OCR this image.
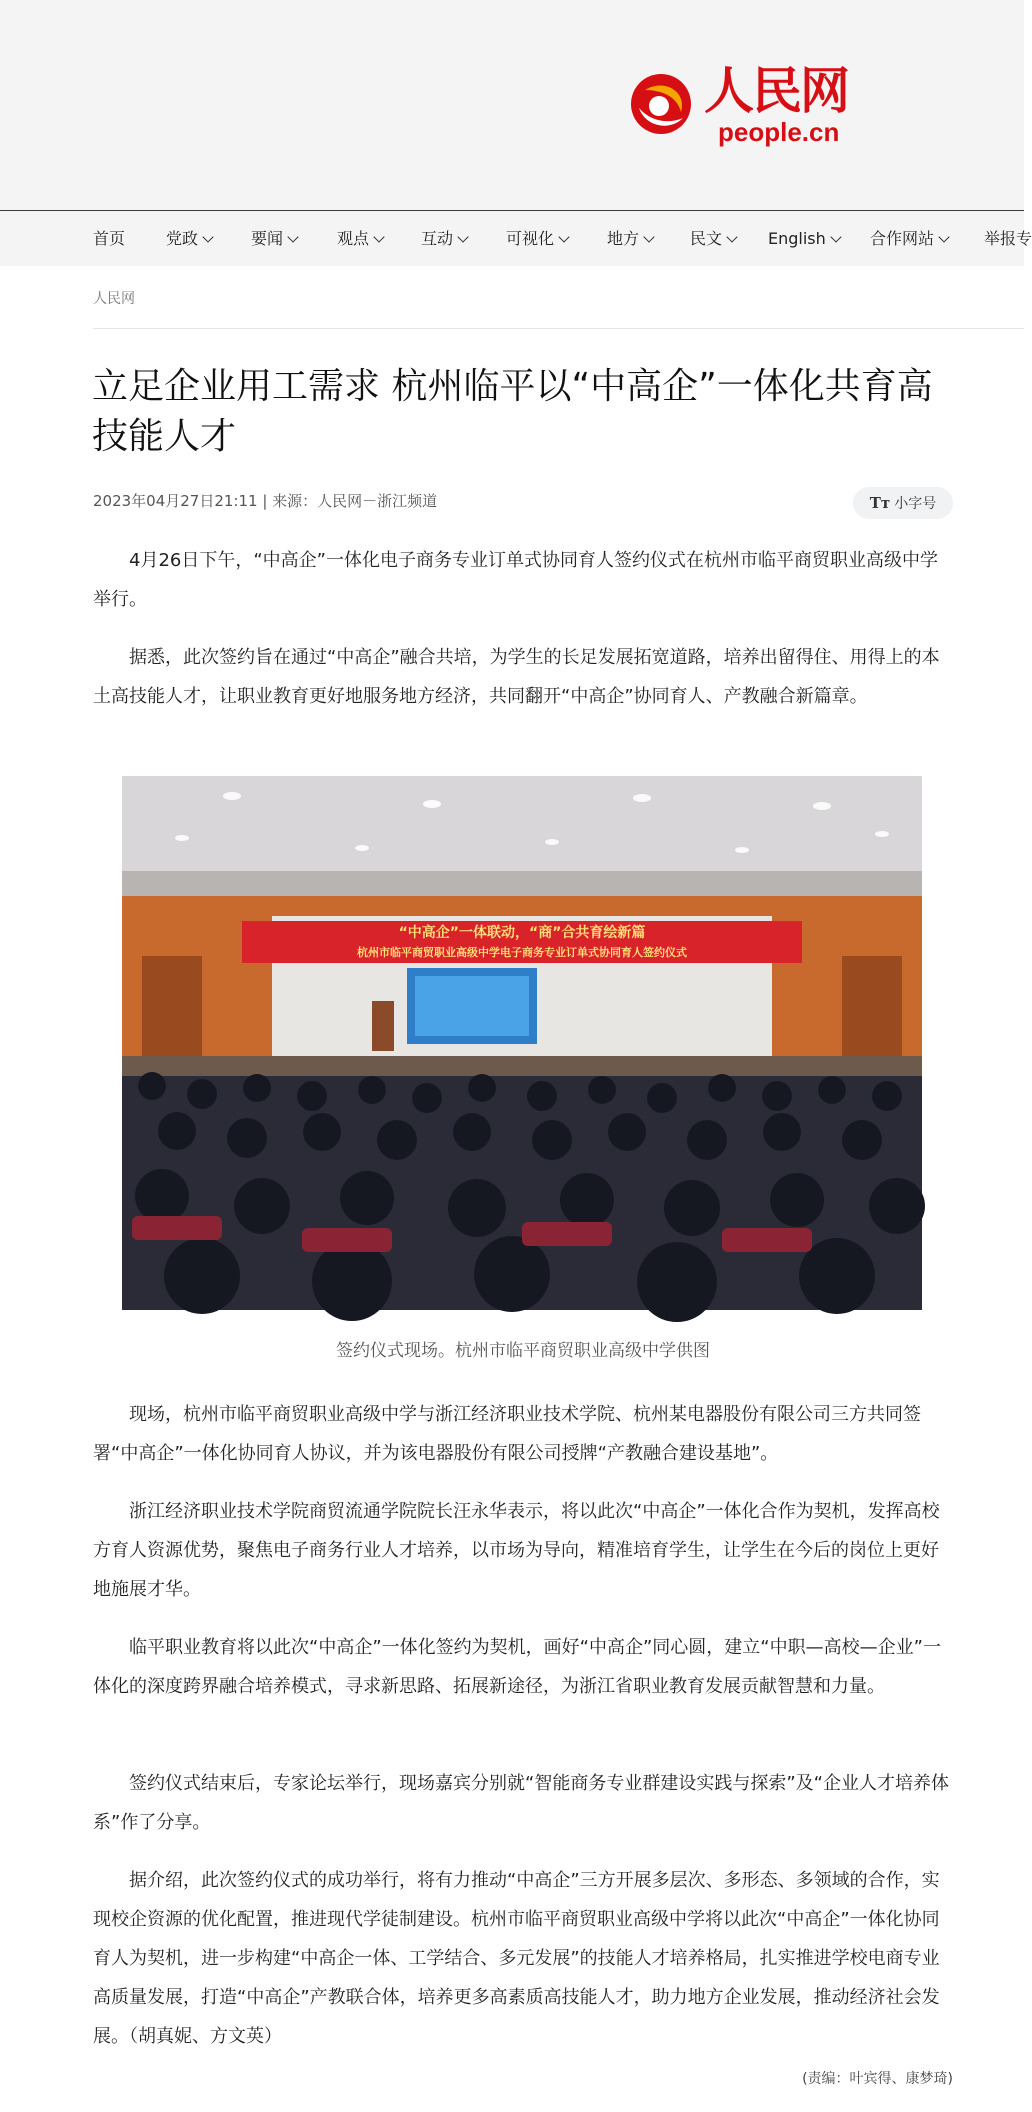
人民网
people.cn
首页	党政	要闻	观点	互动	可视化	地方	民文	English	合作网站	举报专
人民网
立足企业用工需求 杭州临平以“中高企”一体化共育高技能人才
2023年04月27日21:11 | 来源：人民网－浙江频道	Tт 小字号

4月26日下午，“中高企”一体化电子商务专业订单式协同育人签约仪式在杭州市临平商贸职业高级中学举行。

据悉，此次签约旨在通过“中高企”融合共培，为学生的长足发展拓宽道路，培养出留得住、用得上的本土高技能人才，让职业教育更好地服务地方经济，共同翻开“中高企”协同育人、产教融合新篇章。

“中高企”一体联动，“商”合共育绘新篇
杭州市临平商贸职业高级中学电子商务专业订单式协同育人签约仪式
签约仪式现场。杭州市临平商贸职业高级中学供图

现场，杭州市临平商贸职业高级中学与浙江经济职业技术学院、杭州某电器股份有限公司三方共同签署“中高企”一体化协同育人协议，并为该电器股份有限公司授牌“产教融合建设基地”。

浙江经济职业技术学院商贸流通学院院长汪永华表示，将以此次“中高企”一体化合作为契机，发挥高校方育人资源优势，聚焦电子商务行业人才培养，以市场为导向，精准培育学生，让学生在今后的岗位上更好地施展才华。

临平职业教育将以此次“中高企”一体化签约为契机，画好“中高企”同心圆，建立“中职—高校—企业”一体化的深度跨界融合培养模式，寻求新思路、拓展新途径，为浙江省职业教育发展贡献智慧和力量。

签约仪式结束后，专家论坛举行，现场嘉宾分别就“智能商务专业群建设实践与探索”及“企业人才培养体系”作了分享。

据介绍，此次签约仪式的成功举行，将有力推动“中高企”三方开展多层次、多形态、多领域的合作，实现校企资源的优化配置，推进现代学徒制建设。杭州市临平商贸职业高级中学将以此次“中高企”一体化协同育人为契机，进一步构建“中高企一体、工学结合、多元发展”的技能人才培养格局，扎实推进学校电商专业高质量发展，打造“中高企”产教联合体，培养更多高素质高技能人才，助力地方企业发展，推动经济社会发展。（胡真妮、方文英）

(责编：叶宾得、康梦琦)
